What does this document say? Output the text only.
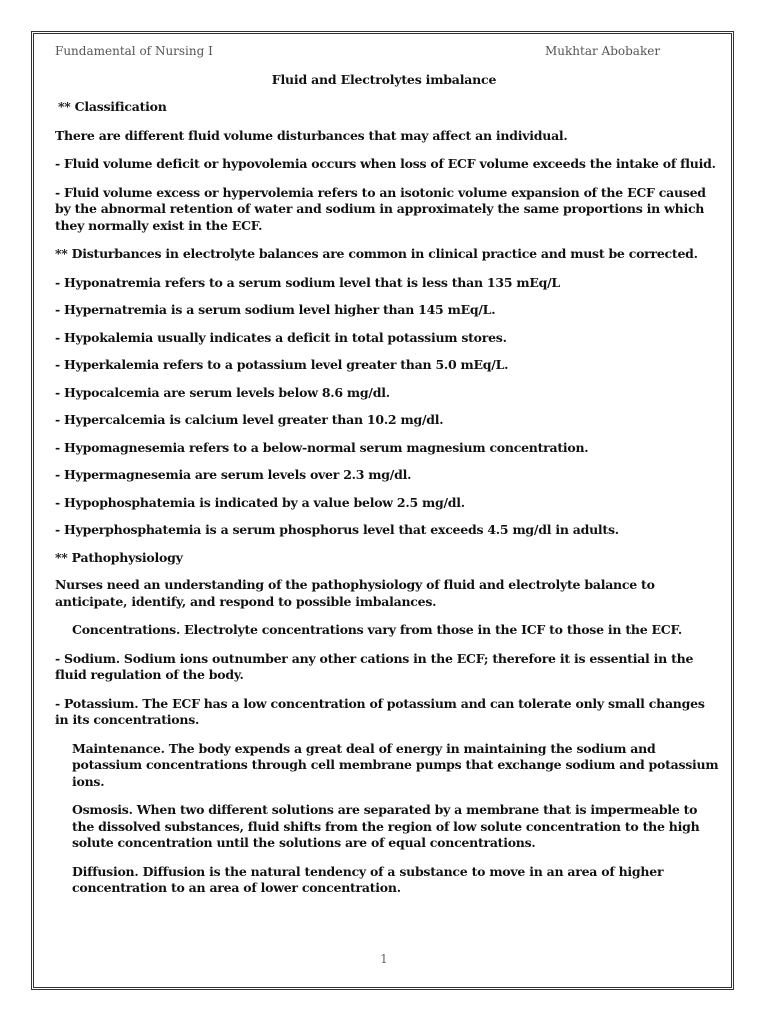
Fundamental of Nursing I	Mukhtar Abobaker
Fluid and Electrolytes imbalance

** Classification

There are different fluid volume disturbances that may affect an individual.

- Fluid volume deficit or hypovolemia occurs when loss of ECF volume exceeds the intake of fluid.

- Fluid volume excess or hypervolemia refers to an isotonic volume expansion of the ECF caused by the abnormal retention of water and sodium in approximately the same proportions in which they normally exist in the ECF.

** Disturbances in electrolyte balances are common in clinical practice and must be corrected.

- Hyponatremia refers to a serum sodium level that is less than 135 mEq/L

- Hypernatremia is a serum sodium level higher than 145 mEq/L.

- Hypokalemia usually indicates a deficit in total potassium stores.

- Hyperkalemia refers to a potassium level greater than 5.0 mEq/L.

- Hypocalcemia are serum levels below 8.6 mg/dl.

- Hypercalcemia is calcium level greater than 10.2 mg/dl.

- Hypomagnesemia refers to a below-normal serum magnesium concentration.

- Hypermagnesemia are serum levels over 2.3 mg/dl.

- Hypophosphatemia is indicated by a value below 2.5 mg/dl.

- Hyperphosphatemia is a serum phosphorus level that exceeds 4.5 mg/dl in adults.

** Pathophysiology

Nurses need an understanding of the pathophysiology of fluid and electrolyte balance to anticipate, identify, and respond to possible imbalances.

Concentrations. Electrolyte concentrations vary from those in the ICF to those in the ECF.

- Sodium. Sodium ions outnumber any other cations in the ECF; therefore it is essential in the fluid regulation of the body.

- Potassium. The ECF has a low concentration of potassium and can tolerate only small changes in its concentrations.

Maintenance. The body expends a great deal of energy in maintaining the sodium and potassium concentrations through cell membrane pumps that exchange sodium and potassium ions.

Osmosis. When two different solutions are separated by a membrane that is impermeable to the dissolved substances, fluid shifts from the region of low solute concentration to the high solute concentration until the solutions are of equal concentrations.

Diffusion. Diffusion is the natural tendency of a substance to move in an area of higher concentration to an area of lower concentration.

1
